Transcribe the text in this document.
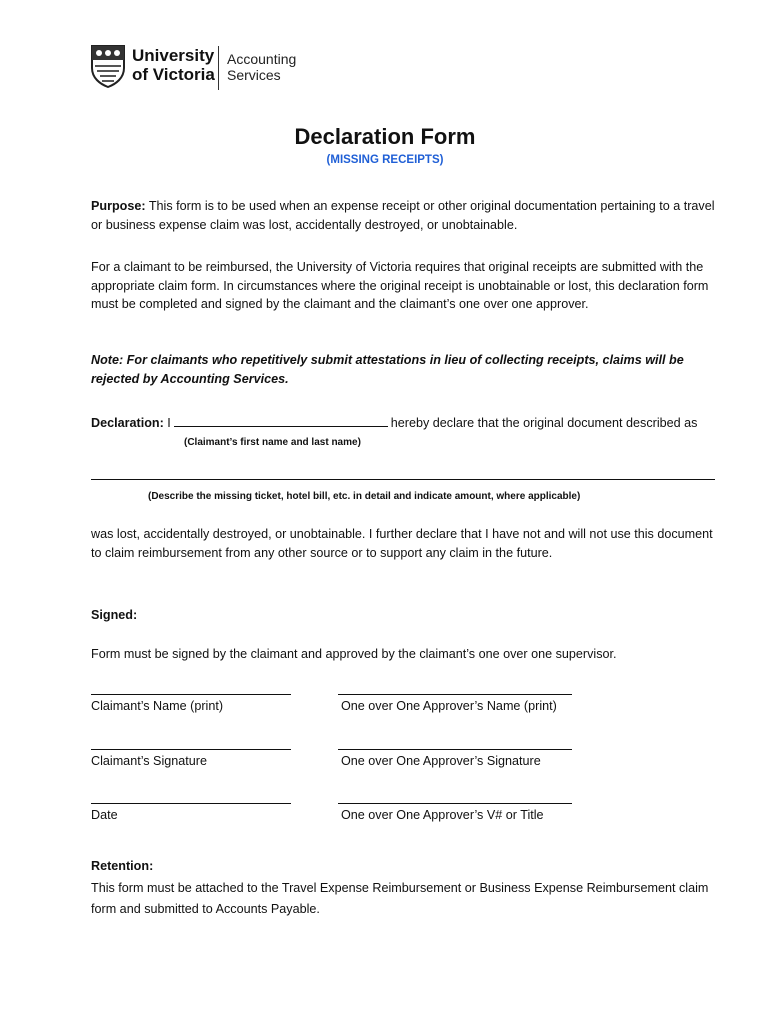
University
of Victoria
Accounting
Services
Declaration Form
(MISSING RECEIPTS)
Purpose: This form is to be used when an expense receipt or other original documentation pertaining to a travel or business expense claim was lost, accidentally destroyed, or unobtainable.
For a claimant to be reimbursed, the University of Victoria requires that original receipts are submitted with the appropriate claim form. In circumstances where the original receipt is unobtainable or lost, this declaration form must be completed and signed by the claimant and the claimant’s one over one approver.
Note: For claimants who repetitively submit attestations in lieu of collecting receipts, claims will be rejected by Accounting Services.
Declaration: I	hereby declare that the original document described as
(Claimant’s first name and last name)
(Describe the missing ticket, hotel bill, etc. in detail and indicate amount, where applicable)
was lost, accidentally destroyed, or unobtainable. I further declare that I have not and will not use this document to claim reimbursement from any other source or to support any claim in the future.
Signed:
Form must be signed by the claimant and approved by the claimant’s one over one supervisor.
Claimant’s Name (print)	One over One Approver’s Name (print)
Claimant’s Signature	One over One Approver’s Signature
Date	One over One Approver’s V# or Title
Retention:
This form must be attached to the Travel Expense Reimbursement or Business Expense Reimbursement claim form and submitted to Accounts Payable.
